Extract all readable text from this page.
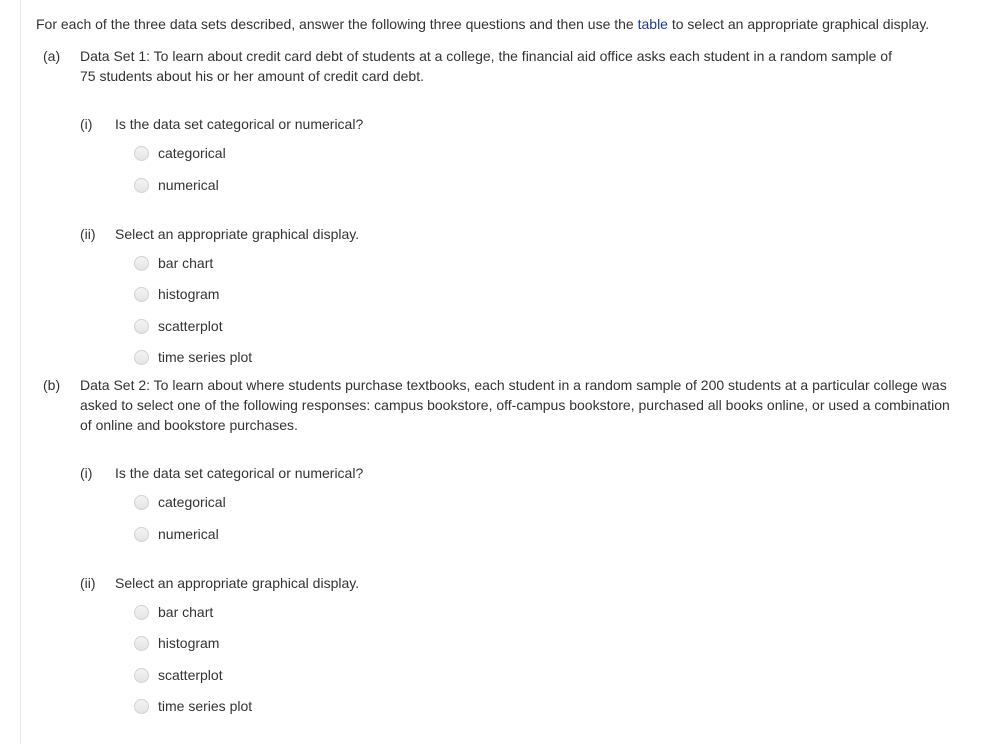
For each of the three data sets described, answer the following three questions and then use the table to select an appropriate graphical display.
(a) Data Set 1: To learn about credit card debt of students at a college, the financial aid office asks each student in a random sample of
75 students about his or her amount of credit card debt.
(i) Is the data set categorical or numerical?
categorical
numerical
(ii) Select an appropriate graphical display.
bar chart
histogram
scatterplot
time series plot
(b) Data Set 2: To learn about where students purchase textbooks, each student in a random sample of 200 students at a particular college was
asked to select one of the following responses: campus bookstore, off-campus bookstore, purchased all books online, or used a combination
of online and bookstore purchases.
(i) Is the data set categorical or numerical?
categorical
numerical
(ii) Select an appropriate graphical display.
bar chart
histogram
scatterplot
time series plot
